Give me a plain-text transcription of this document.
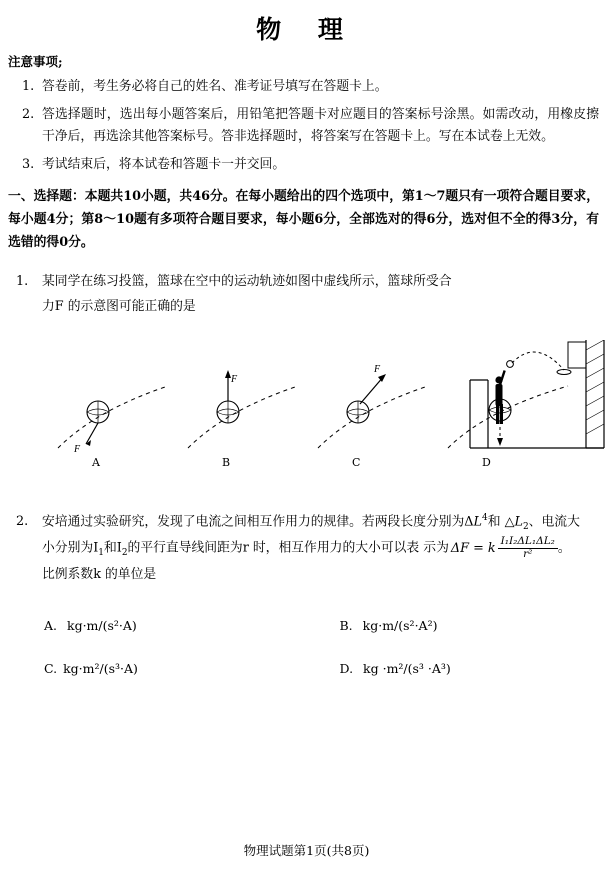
物 理
注意事项;
1. 答卷前，考生务必将自己的姓名、准考证号填写在答题卡上。
2. 答选择题时，选出每小题答案后，用铅笔把答题卡对应题目的答案标号涂黑。如需改动，用橡皮擦干净后，再选涂其他答案标号。答非选择题时，将答案写在答题卡上。写在本试卷上无效。
3. 考试结束后，将本试卷和答题卡一并交回。
一、选择题：本题共10小题，共46分。在每小题给出的四个选项中，第1～7题只有一项符合题目要求，每小题4分；第8～10题有多项符合题目要求，每小题6分，全部选对的得6分，选对但不全的得3分，有选错的得0分。
1.	某同学在练习投篮，篮球在空中的运动轨迹如图中虚线所示，篮球所受合力F 的示意图可能正确的是
F
A
F
B
F
C	D
2.	安培通过实验研究，发现了电流之间相互作用力的规律。若两段长度分别为$\Delta L^4$和 $\triangle L_2$、电流大小分别为$I_1$和$I_2$的平行直导线间距为r 时，相互作用力的大小可以表 示为 ΔF = k $\frac{\text{I₁I₂ΔL₁ΔL₂}}{\text{r²}}$ 。比例系数k 的单位是
A. kg·m/(s²·A)	B. kg·m/(s²·A²)
C. kg·m²/(s³·A)	D. kg ·m²/(s³ ·A³)
物理试题第1页(共8页)
